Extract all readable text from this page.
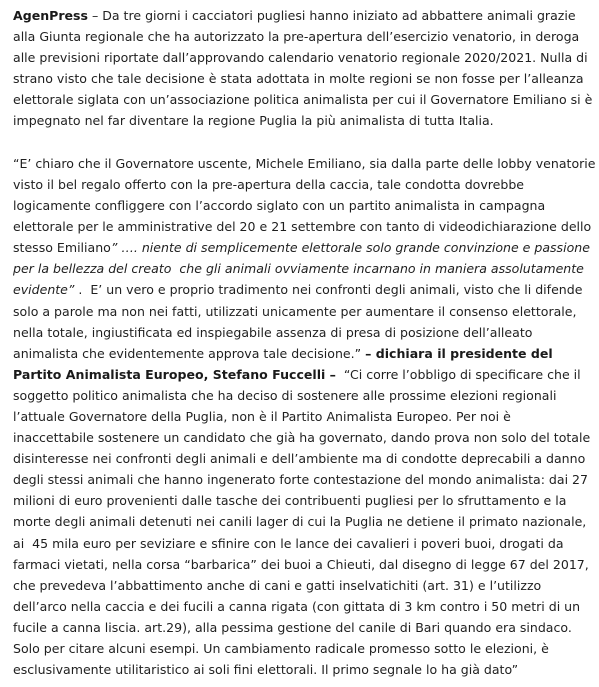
AgenPress – Da tre giorni i cacciatori pugliesi hanno iniziato ad abbattere animali grazie
alla Giunta regionale che ha autorizzato la pre-apertura dell’esercizio venatorio, in deroga
alle previsioni riportate dall’approvando calendario venatorio regionale 2020/2021. Nulla di
strano visto che tale decisione è stata adottata in molte regioni se non fosse per l’alleanza
elettorale siglata con un’associazione politica animalista per cui il Governatore Emiliano si è
impegnato nel far diventare la regione Puglia la più animalista di tutta Italia.
“E’ chiaro che il Governatore uscente, Michele Emiliano, sia dalla parte delle lobby venatorie
visto il bel regalo offerto con la pre-apertura della caccia, tale condotta dovrebbe
logicamente confliggere con l’accordo siglato con un partito animalista in campagna
elettorale per le amministrative del 20 e 21 settembre con tanto di videodichiarazione dello
stesso Emiliano” …. niente di semplicemente elettorale solo grande convinzione e passione
per la bellezza del creato  che gli animali ovviamente incarnano in maniera assolutamente
evidente” .  E’ un vero e proprio tradimento nei confronti degli animali, visto che li difende
solo a parole ma non nei fatti, utilizzati unicamente per aumentare il consenso elettorale,
nella totale, ingiustificata ed inspiegabile assenza di presa di posizione dell’alleato
animalista che evidentemente approva tale decisione.” – dichiara il presidente del
Partito Animalista Europeo, Stefano Fuccelli –  “Ci corre l’obbligo di specificare che il
soggetto politico animalista che ha deciso di sostenere alle prossime elezioni regionali
l’attuale Governatore della Puglia, non è il Partito Animalista Europeo. Per noi è
inaccettabile sostenere un candidato che già ha governato, dando prova non solo del totale
disinteresse nei confronti degli animali e dell’ambiente ma di condotte deprecabili a danno
degli stessi animali che hanno ingenerato forte contestazione del mondo animalista: dai 27
milioni di euro provenienti dalle tasche dei contribuenti pugliesi per lo sfruttamento e la
morte degli animali detenuti nei canili lager di cui la Puglia ne detiene il primato nazionale,
ai  45 mila euro per seviziare e sfinire con le lance dei cavalieri i poveri buoi, drogati da
farmaci vietati, nella corsa “barbarica” dei buoi a Chieuti, dal disegno di legge 67 del 2017,
che prevedeva l’abbattimento anche di cani e gatti inselvatichiti (art. 31) e l’utilizzo
dell’arco nella caccia e dei fucili a canna rigata (con gittata di 3 km contro i 50 metri di un
fucile a canna liscia. art.29), alla pessima gestione del canile di Bari quando era sindaco.
Solo per citare alcuni esempi. Un cambiamento radicale promesso sotto le elezioni, è
esclusivamente utilitaristico ai soli fini elettorali. Il primo segnale lo ha già dato”
